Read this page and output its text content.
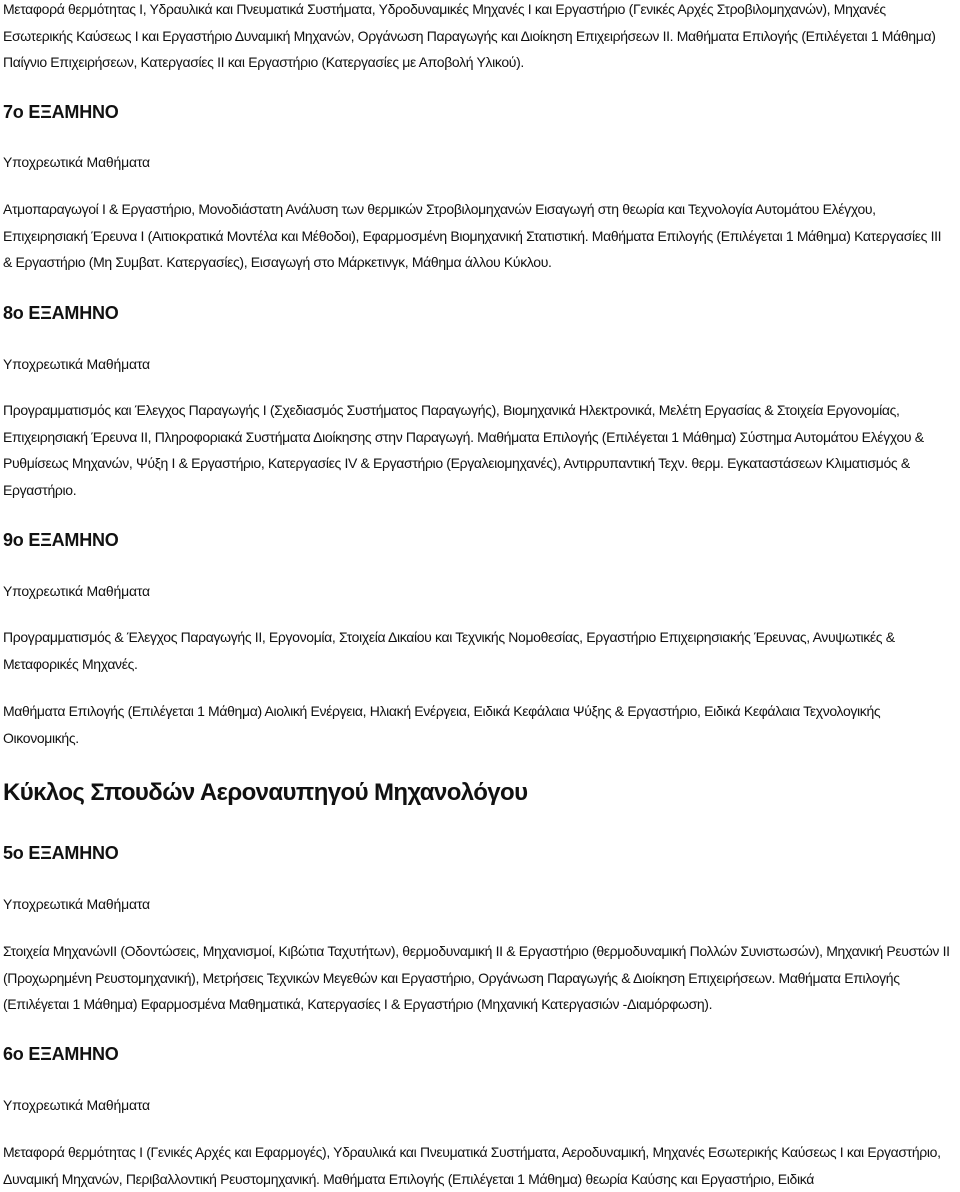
Μεταφορά θερμότητας Ι, Υδραυλικά και Πνευματικά Συστήματα, Υδροδυναμικές Μηχανές Ι και Εργαστήριο (Γενικές Αρχές Στροβιλομηχανών), Μηχανές Εσωτερικής Καύσεως Ι και Εργαστήριο Δυναμική Μηχανών, Οργάνωση Παραγωγής και Διοίκηση Επιχειρήσεων ΙΙ. Μαθήματα Επιλογής (Επιλέγεται 1 Μάθημα) Παίγνιο Επιχειρήσεων, Κατεργασίες ΙΙ και Εργαστήριο (Κατεργασίες με Αποβολή Υλικού).

7ο ΕΞΑΜΗΝΟ

Υποχρεωτικά Μαθήματα

Ατμοπαραγωγοί Ι & Εργαστήριο, Μονοδιάστατη Ανάλυση των θερμικών Στροβιλομηχανών Εισαγωγή στη θεωρία και Τεχνολογία Αυτομάτου Ελέγχου, Επιχειρησιακή Έρευνα Ι (Αιτιοκρατικά Μοντέλα και Μέθοδοι), Εφαρμοσμένη Βιομηχανική Στατιστική. Μαθήματα Επιλογής (Επιλέγεται 1 Μάθημα) Κατεργασίες ΙΙΙ & Εργαστήριο (Μη Συμβατ. Κατεργασίες), Εισαγωγή στο Μάρκετινγκ, Μάθημα άλλου Κύκλου.

8ο ΕΞΑΜΗΝΟ

Υποχρεωτικά Μαθήματα

Προγραμματισμός και Έλεγχος Παραγωγής Ι (Σχεδιασμός Συστήματος Παραγωγής), Βιομηχανικά Ηλεκτρονικά, Μελέτη Εργασίας & Στοιχεία Εργονομίας, Επιχειρησιακή Έρευνα ΙΙ, Πληροφοριακά Συστήματα Διοίκησης στην Παραγωγή. Μαθήματα Επιλογής (Επιλέγεται 1 Μάθημα) Σύστημα Αυτομάτου Ελέγχου & Ρυθμίσεως Μηχανών, Ψύξη Ι & Εργαστήριο, Κατεργασίες IV & Εργαστήριο (Εργαλειομηχανές), Αντιρρυπαντική Τεχν. θερμ. Εγκαταστάσεων Κλιματισμός & Εργαστήριο.

9ο ΕΞΑΜΗΝΟ

Υποχρεωτικά Μαθήματα

Προγραμματισμός & Έλεγχος Παραγωγής ΙΙ, Εργονομία, Στοιχεία Δικαίου και Τεχνικής Νομοθεσίας, Εργαστήριο Επιχειρησιακής Έρευνας, Ανυψωτικές & Μεταφορικές Μηχανές.

Μαθήματα Επιλογής (Επιλέγεται 1 Μάθημα) Αιολική Ενέργεια, Ηλιακή Ενέργεια, Ειδικά Κεφάλαια Ψύξης & Εργαστήριο, Ειδικά Κεφάλαια Τεχνολογικής Οικονομικής.

Κύκλος Σπουδών Αεροναυπηγού Μηχανολόγου
5ο ΕΞΑΜΗΝΟ

Υποχρεωτικά Μαθήματα

Στοιχεία ΜηχανώνΙΙ (Οδοντώσεις, Μηχανισμοί, Κιβώτια Ταχυτήτων), θερμοδυναμική ΙΙ & Εργαστήριο (θερμοδυναμική Πολλών Συνιστωσών), Μηχανική Ρευστών ΙΙ (Προχωρημένη Ρευστομηχανική), Μετρήσεις Τεχνικών Μεγεθών και Εργαστήριο, Οργάνωση Παραγωγής & Διοίκηση Επιχειρήσεων. Μαθήματα Επιλογής (Επιλέγεται 1 Μάθημα) Εφαρμοσμένα Μαθηματικά, Κατεργασίες Ι & Εργαστήριο (Μηχανική Κατεργασιών -Διαμόρφωση).

6ο ΕΞΑΜΗΝΟ

Υποχρεωτικά Μαθήματα

Μεταφορά θερμότητας Ι (Γενικές Αρχές και Εφαρμογές), Υδραυλικά και Πνευματικά Συστήματα, Αεροδυναμική, Μηχανές Εσωτερικής Καύσεως Ι και Εργαστήριο, Δυναμική Μηχανών, Περιβαλλοντική Ρευστομηχανική. Μαθήματα Επιλογής (Επιλέγεται 1 Μάθημα) θεωρία Καύσης και Εργαστήριο, Ειδικά
